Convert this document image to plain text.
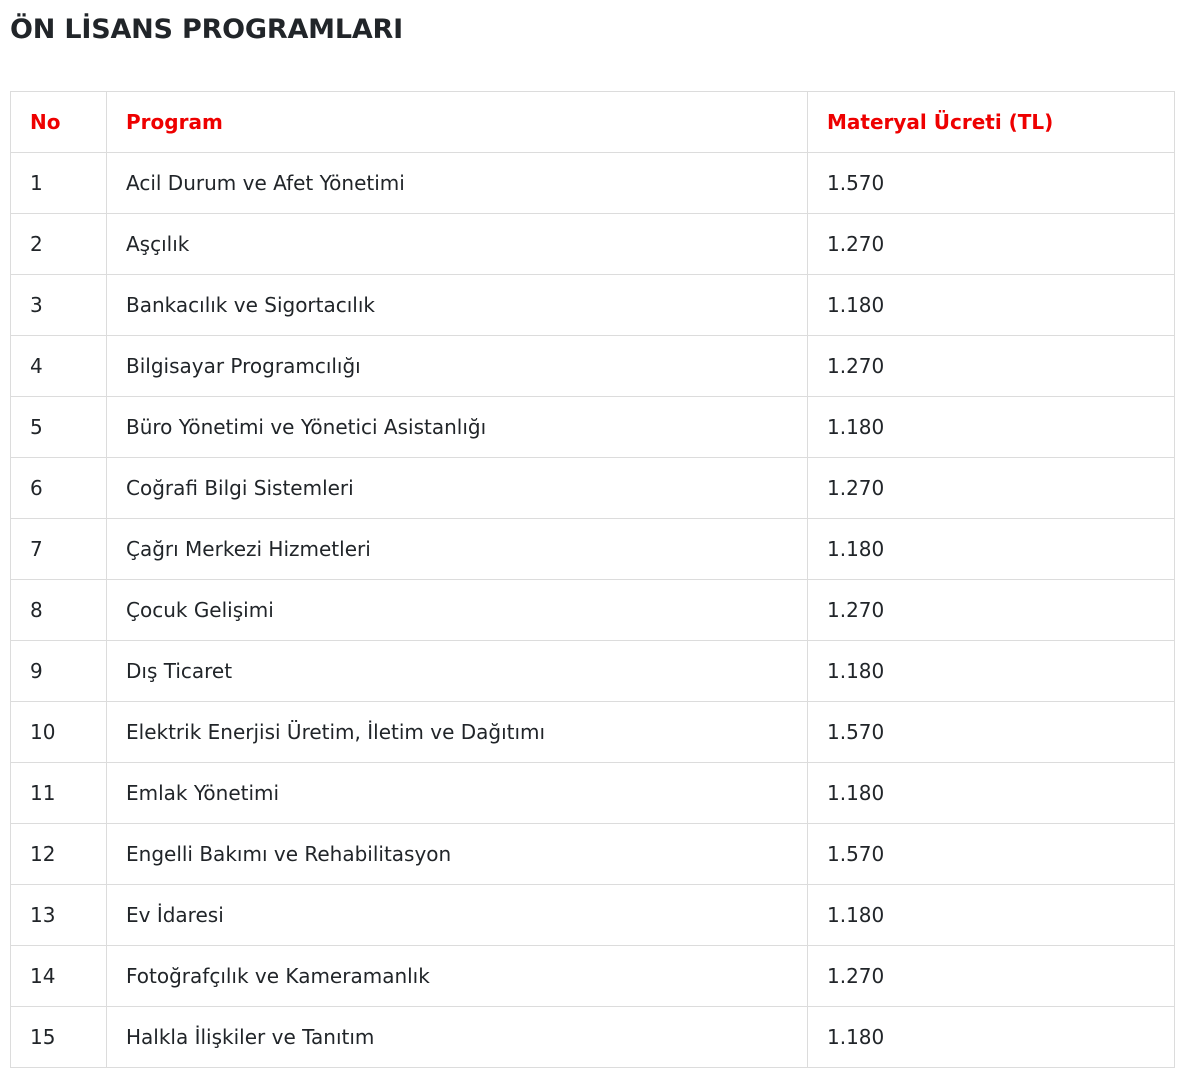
ÖN LİSANS PROGRAMLARI
No	Program	Materyal Ücreti (TL)
1	Acil Durum ve Afet Yönetimi	1.570
2	Aşçılık	1.270
3	Bankacılık ve Sigortacılık	1.180
4	Bilgisayar Programcılığı	1.270
5	Büro Yönetimi ve Yönetici Asistanlığı	1.180
6	Coğrafi Bilgi Sistemleri	1.270
7	Çağrı Merkezi Hizmetleri	1.180
8	Çocuk Gelişimi	1.270
9	Dış Ticaret	1.180
10	Elektrik Enerjisi Üretim, İletim ve Dağıtımı	1.570
11	Emlak Yönetimi	1.180
12	Engelli Bakımı ve Rehabilitasyon	1.570
13	Ev İdaresi	1.180
14	Fotoğrafçılık ve Kameramanlık	1.270
15	Halkla İlişkiler ve Tanıtım	1.180
